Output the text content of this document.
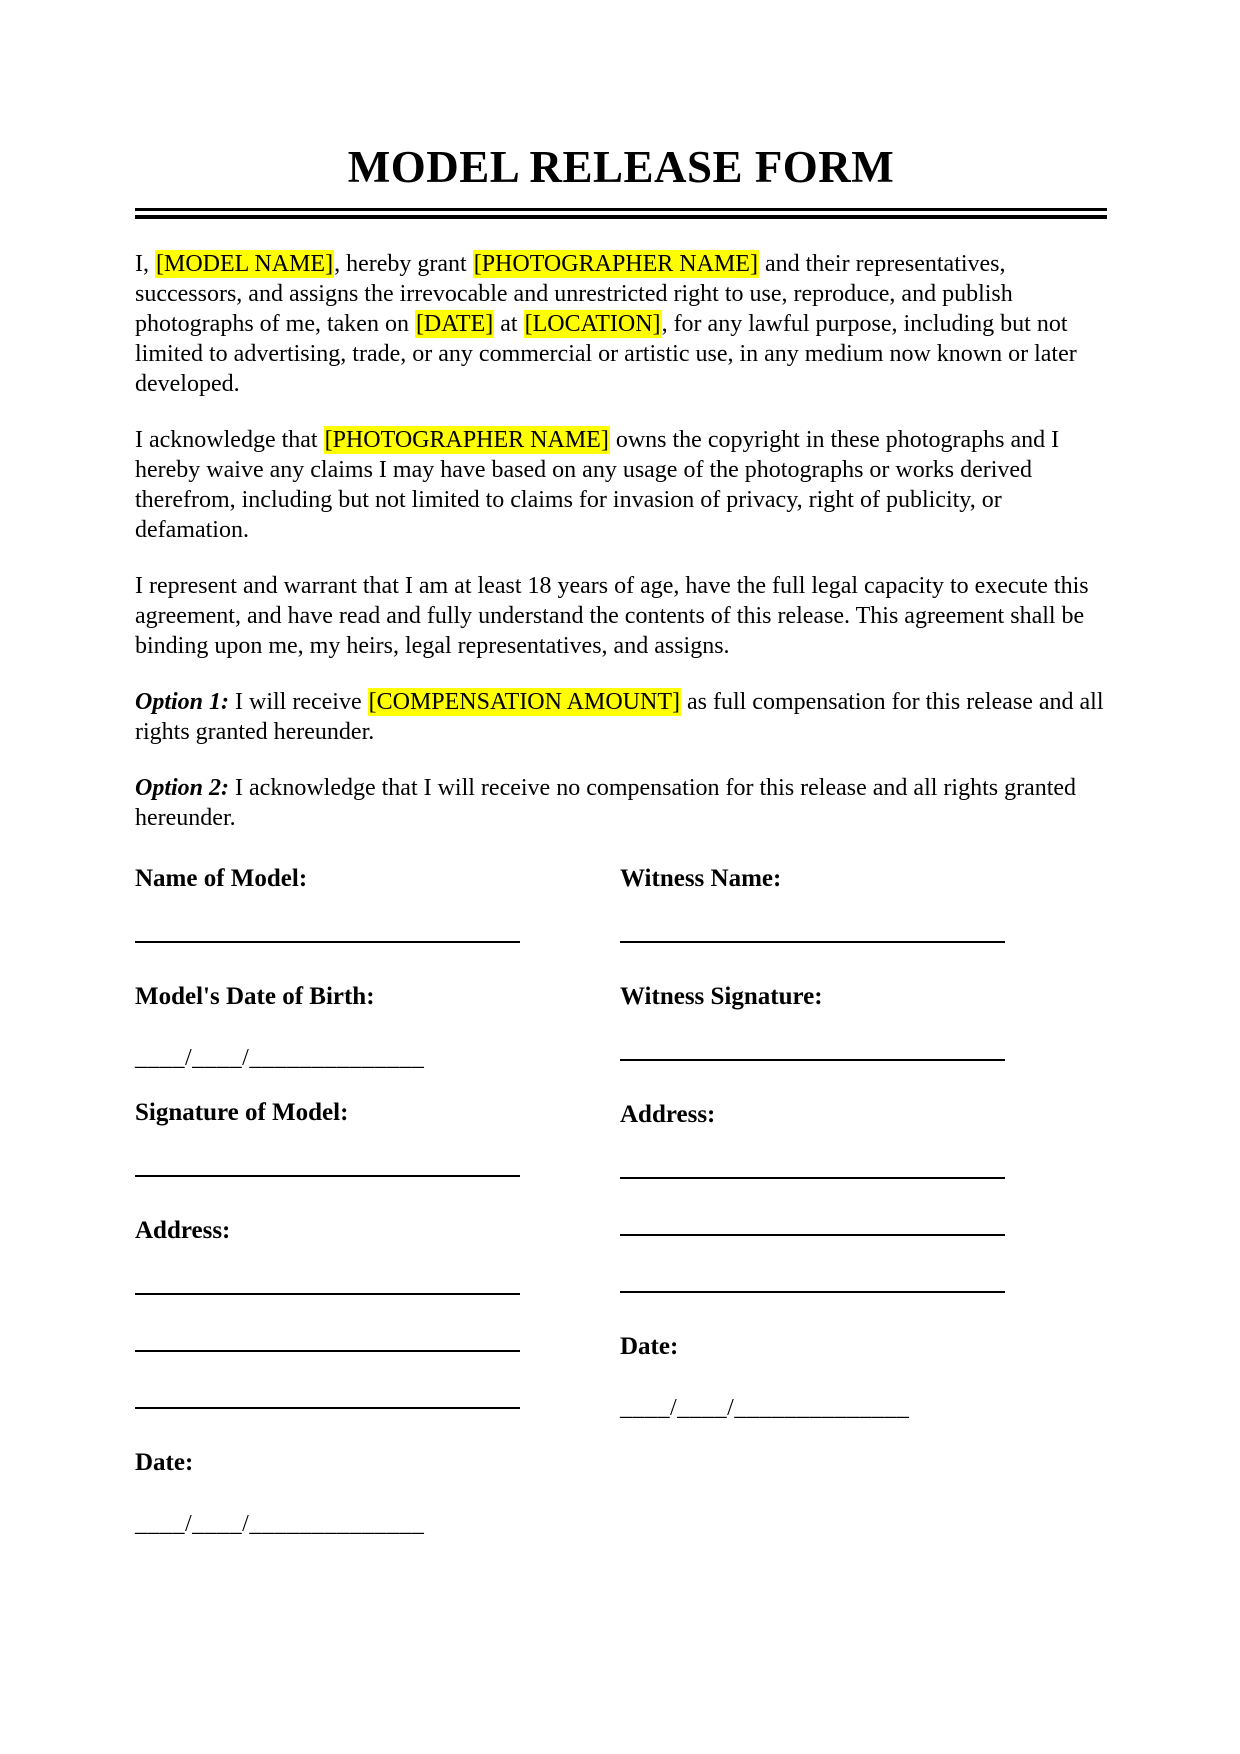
MODEL RELEASE FORM

I, [MODEL NAME], hereby grant [PHOTOGRAPHER NAME] and their representatives, successors, and assigns the irrevocable and unrestricted right to use, reproduce, and publish photographs of me, taken on [DATE] at [LOCATION], for any lawful purpose, including but not limited to advertising, trade, or any commercial or artistic use, in any medium now known or later developed.

I acknowledge that [PHOTOGRAPHER NAME] owns the copyright in these photographs and I hereby waive any claims I may have based on any usage of the photographs or works derived therefrom, including but not limited to claims for invasion of privacy, right of publicity, or defamation.

I represent and warrant that I am at least 18 years of age, have the full legal capacity to execute this agreement, and have read and fully understand the contents of this release. This agreement shall be binding upon me, my heirs, legal representatives, and assigns.

Option 1: I will receive [COMPENSATION AMOUNT] as full compensation for this release and all rights granted hereunder.

Option 2: I acknowledge that I will receive no compensation for this release and all rights granted hereunder.

Name of Model:
Model's Date of Birth:
____/____/______________
Signature of Model:
Address:
Date:
____/____/______________
Witness Name:
Witness Signature:
Address:
Date:
____/____/______________
